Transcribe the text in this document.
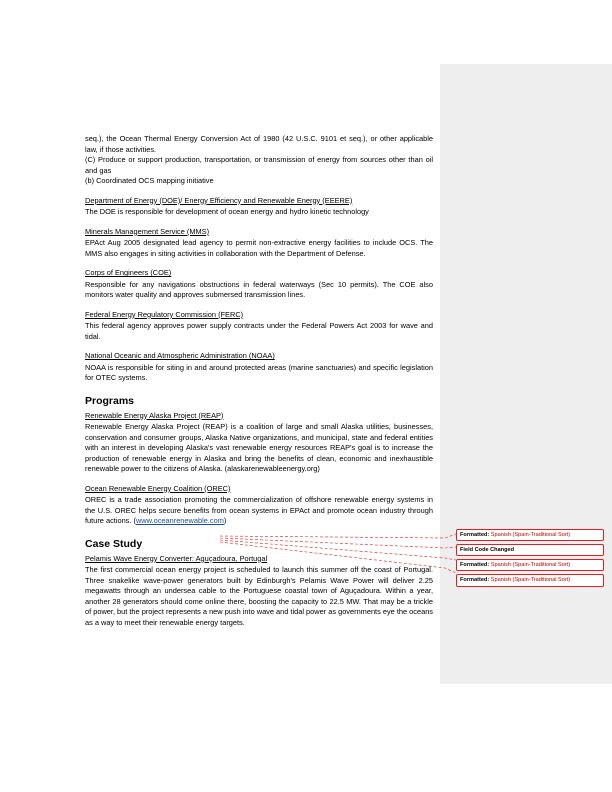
seq.), the Ocean Thermal Energy Conversion Act of 1980 (42 U.S.C. 9101 et seq.), or other applicable law, if those activities.

(C) Produce or support production, transportation, or transmission of energy from sources other than oil and gas

(b) Coordinated OCS mapping initiative

Department of Energy (DOE)/ Energy Efficiency and Renewable Energy (EEERE)

The DOE is responsible for development of ocean energy and hydro kinetic technology

Minerals Management Service (MMS)

EPAct Aug 2005 designated lead agency to permit non-extractive energy facilities to include OCS. The MMS also engages in siting activities in collaboration with the Department of Defense.

Corps of Engineers (COE)

Responsible for any navigations obstructions in federal waterways (Sec 10 permits). The COE also monitors water quality and approves submersed transmission lines.

Federal Energy Regulatory Commission (FERC)

This federal agency approves power supply contracts under the Federal Powers Act 2003 for wave and tidal.

National Oceanic and Atmospheric Administration (NOAA)

NOAA is responsible for siting in and around protected areas (marine sanctuaries) and specific legislation for OTEC systems.

Programs

Renewable Energy Alaska Project (REAP)

Renewable Energy Alaska Project (REAP) is a coalition of large and small Alaska utilities, businesses, conservation and consumer groups, Alaska Native organizations, and municipal, state and federal entities with an interest in developing Alaska's vast renewable energy resources REAP's goal is to increase the production of renewable energy in Alaska and bring the benefits of clean, economic and inexhaustible renewable power to the citizens of Alaska. (alaskarenewableenergy.org)

Ocean Renewable Energy Coalition (OREC)

OREC is a trade association promoting the commercialization of offshore renewable energy systems in the U.S. OREC helps secure benefits from ocean systems in EPAct and promote ocean industry through future actions. (www.oceanrenewable.com)

Case Study

Pelamis Wave Energy Converter: Aguçadoura, Portugal

The first commercial ocean energy project is scheduled to launch this summer off the coast of Portugal. Three snakelike wave-power generators built by Edinburgh's Pelamis Wave Power will deliver 2.25 megawatts through an undersea cable to the Portuguese coastal town of Aguçadoura. Within a year, another 28 generators should come online there, boosting the capacity to 22.5 MW. That may be a trickle of power, but the project represents a new push into wave and tidal power as governments eye the oceans as a way to meet their renewable energy targets.

Formatted: Spanish (Spain-Traditional Sort)
Field Code Changed
Formatted: Spanish (Spain-Traditional Sort)
Formatted: Spanish (Spain-Traditional Sort)
